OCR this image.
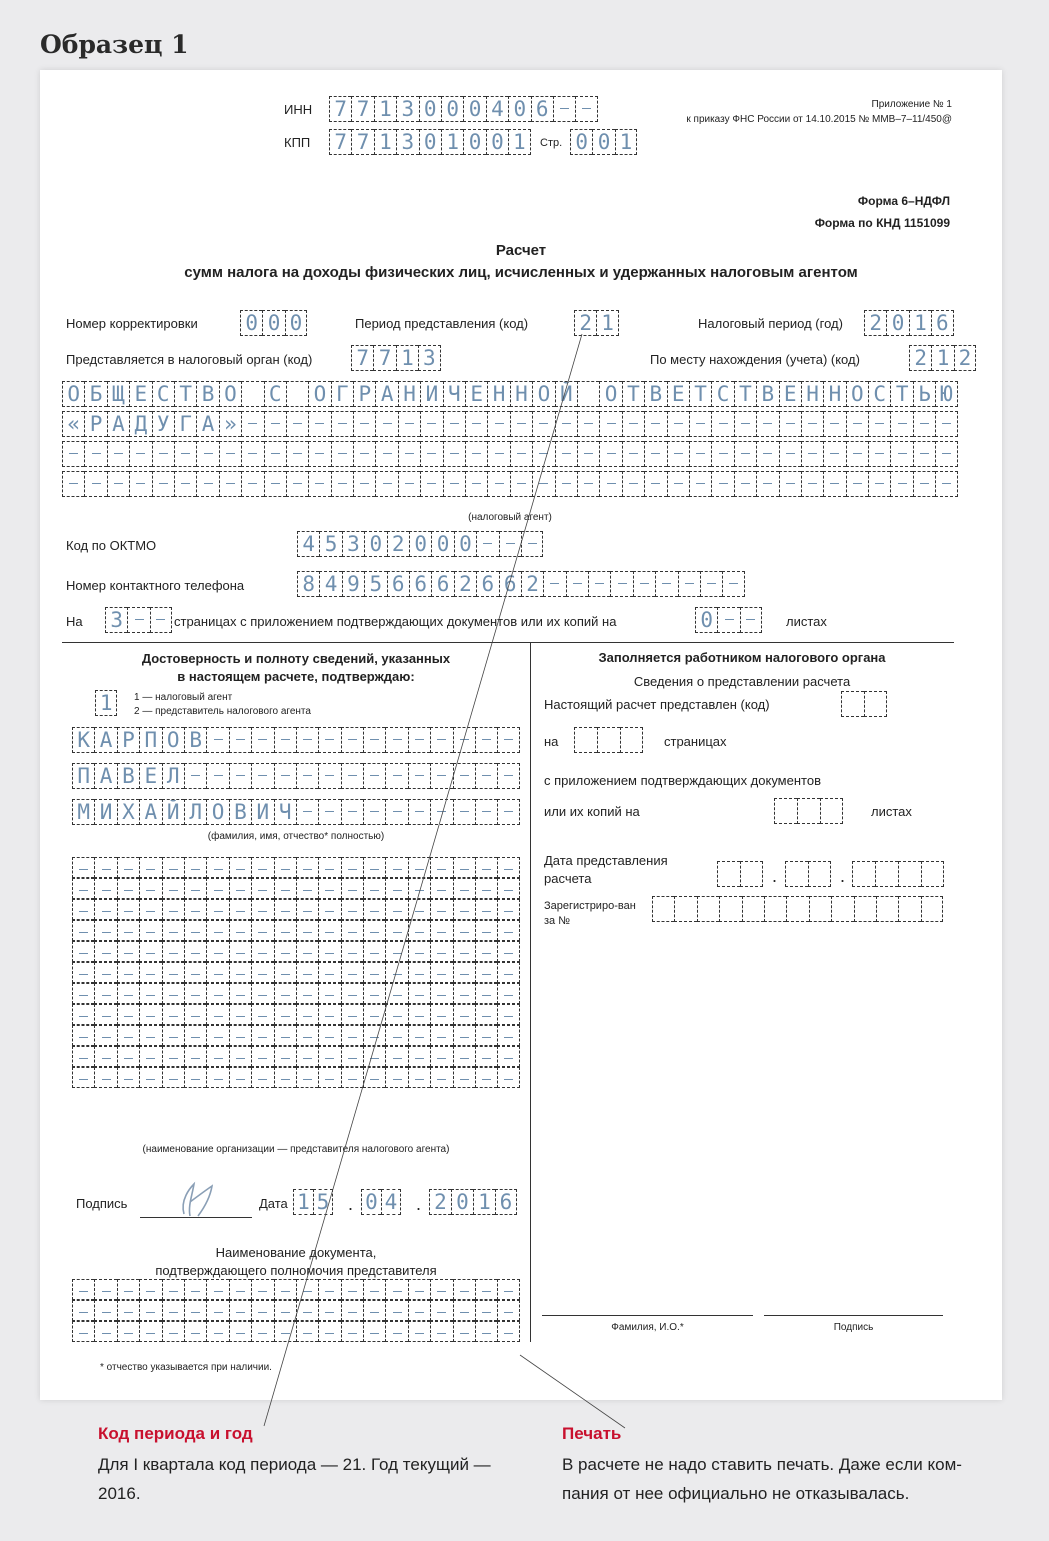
Образец 1
ИНН 7 7 1 3 0 0 0 4 0 6
КПП 7 7 1 3 0 1 0 0 1	Стр. 0 0 1
Приложение № 1
к приказу ФНС России от 14.10.2015 № ММВ–7–11/450@
Форма 6–НДФЛ
Форма по КНД 1151099
Расчет
сумм налога на доходы физических лиц, исчисленных и удержанных налоговым агентом
Номер корректировки 0 0 0	Период представления (код) 2 1	Налоговый период (год) 2 0 1 6
Представляется в налоговый орган (код) 7 7 1 3	По месту нахождения (учета) (код)	2 1 2
О Б Щ Е С Т В О С О Г Р А Н И Ч Е Н Н О Й О Т В Е Т С Т В Е Н Н О С Т Ь Ю
« Р А Д У Г А »
(налоговый агент)
Код по ОКТМО	4 5 3 0 2 0 0 0
Номер контактного телефона	8 4 9 5 6 6 6 2 6 6 2
На 3	страницах с приложением подтверждающих документов или их копий на	0	листах
Достоверность и полноту сведений, указанных
в настоящем расчете, подтверждаю:
1	1 — налоговый агент
2 — представитель налогового агента
К А Р П О В
П А В Е Л
М И Х А Й Л О В И Ч
(фамилия, имя, отчество* полностью)
(наименование организации — представителя налогового агента)
Подпись	Дата 1 5 . 0 4 . 2 0 1 6
Наименование документа,
подтверждающего полномочия представителя
* отчество указывается при наличии.
Заполняется работником налогового органа
Сведения о представлении расчета
Настоящий расчет представлен (код)
на	страницах
с приложением подтверждающих документов
или их копий на	листах
Дата представления
расчета	.	.
Зарегистриро-ван
за №
Фамилия, И.О.*	Подпись
Код периода и год
Для I квартала код периода — 21. Год текущий —
2016.
Печать
В расчете не надо ставить печать. Даже если ком-
пания от нее официально не отказывалась.
